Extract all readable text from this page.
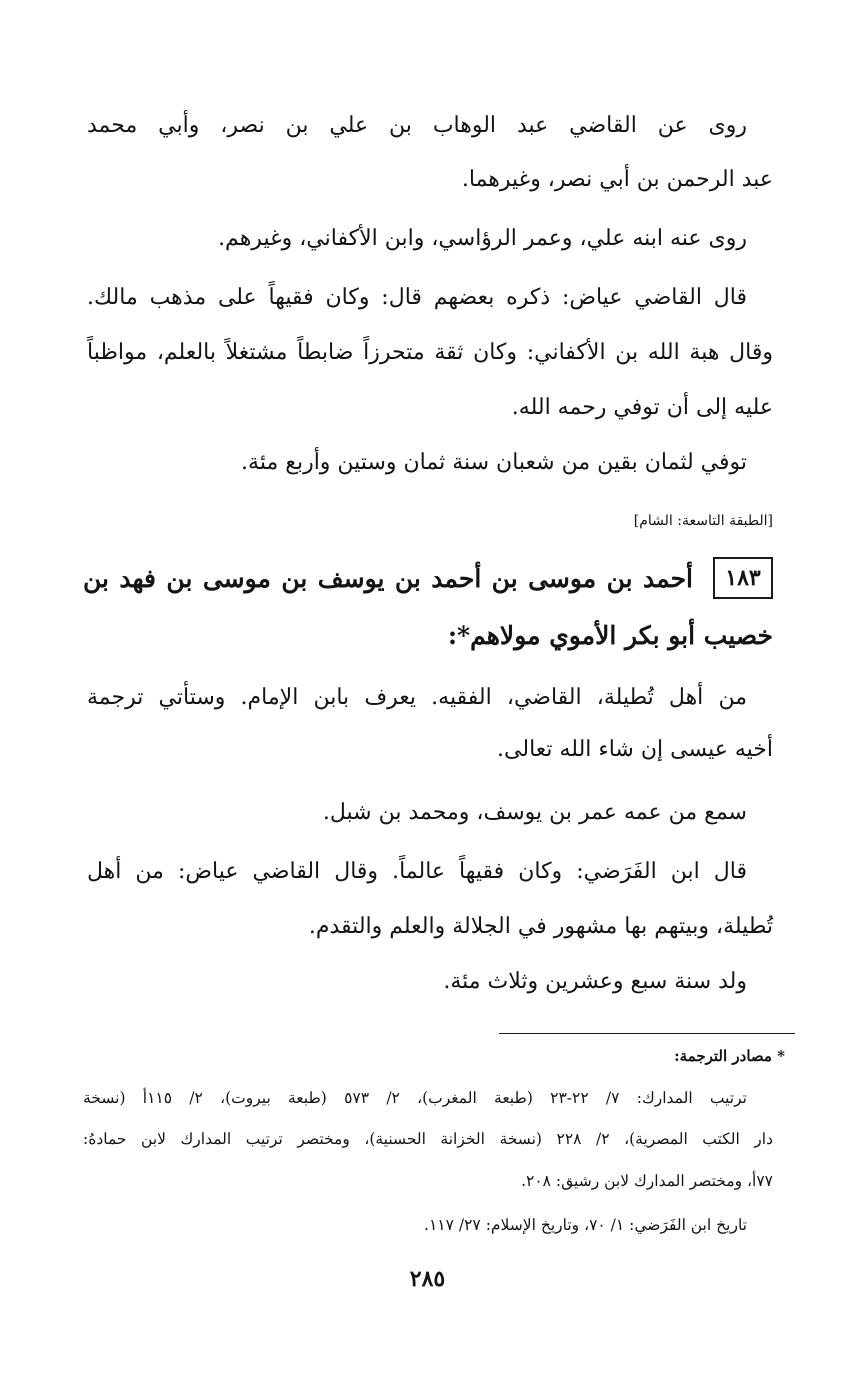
روى عن القاضي عبد الوهاب بن علي بن نصر، وأبي محمد
عبد الرحمن بن أبي نصر، وغيرهما.
روى عنه ابنه علي، وعمر الرؤاسي، وابن الأكفاني، وغيرهم.
قال القاضي عياض: ذكره بعضهم قال: وكان فقيهاً على مذهب مالك.
وقال هبة الله بن الأكفاني: وكان ثقة متحرزاً ضابطاً مشتغلاً بالعلم، مواظباً
عليه إلى أن توفي رحمه الله.
توفي لثمان بقين من شعبان سنة ثمان وستين وأربع مئة.
[الطبقة التاسعة: الشام]
١٨٣
أحمد بن موسى بن أحمد بن يوسف بن موسى بن فهد بن
خصيب أبو بكر الأموي مولاهم*:
من أهل تُطيلة، القاضي، الفقيه. يعرف بابن الإمام. وستأتي ترجمة
أخيه عيسى إن شاء الله تعالى.
سمع من عمه عمر بن يوسف، ومحمد بن شبل.
قال ابن الفَرَضي: وكان فقيهاً عالماً. وقال القاضي عياض: من أهل
تُطيلة، وبيتهم بها مشهور في الجلالة والعلم والتقدم.
ولد سنة سبع وعشرين وثلاث مئة.
* مصادر الترجمة:
ترتيب المدارك: ٧/ ٢٢-٢٣ (طبعة المغرب)، ٢/ ٥٧٣ (طبعة بيروت)، ٢/ ١١٥أ (نسخة
دار الكتب المصرية)، ٢/ ٢٢٨ (نسخة الخزانة الحسنية)، ومختصر ترتيب المدارك لابن حمادهُ:
٧٧أ، ومختصر المدارك لابن رشيق: ٢٠٨.
تاريخ ابن الفَرَضي: ١/ ٧٠، وتاريخ الإسلام: ٢٧/ ١١٧.
٢٨٥
